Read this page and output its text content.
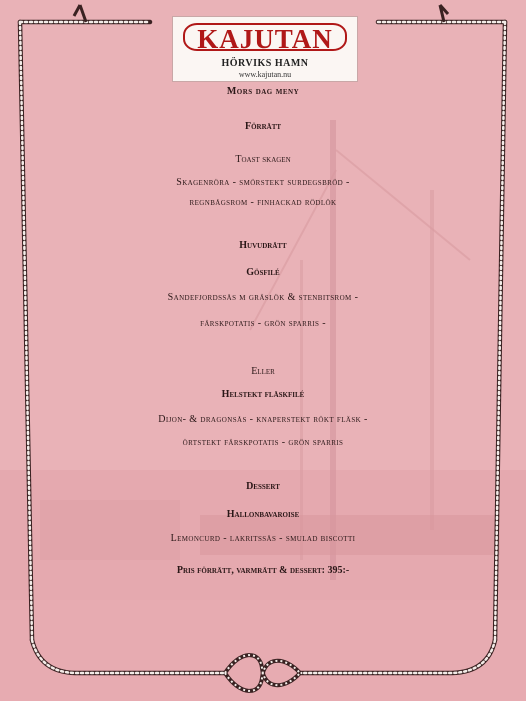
KAJUTAN
HÖRVIKS HAMN
www.kajutan.nu
Mors dag meny
Förrätt
Toast skagen
Skagenröra - smörstekt surdegsbröd -
regnbågsrom - finhackad rödlök
Huvudrätt
Gösfilé
Sandefjordssås m gräslök & stenbitsrom -
färskpotatis - grön sparris -
Eller
Helstekt fläskfilé
Dijon- & dragonsås - knaperstekt rökt fläsk -
örtstekt färskpotatis - grön sparris
Dessert
Hallonbavaroise
Lemoncurd - lakritssås - smulad biscotti
Pris förrätt, varmrätt & dessert: 395:-
